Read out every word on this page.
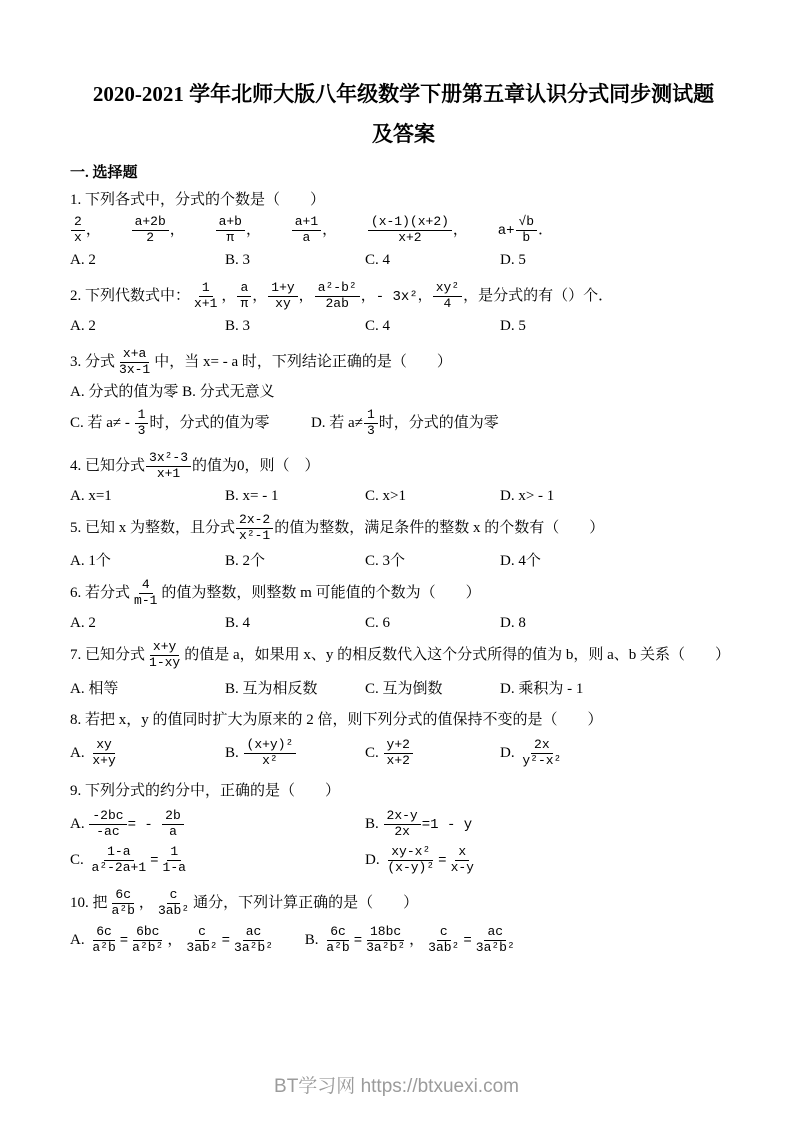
2020-2021 学年北师大版八年级数学下册第五章认识分式同步测试题
及答案
一. 选择题
1. 下列各式中，分式的个数是（　　）
$\frac{2}{x}$ ， $\frac{a+2b}{2}$ ， $\frac{a+b}{\pi}$ ， $\frac{a+1}{a}$ ， $\frac{(x-1)(x+2)}{x+2}$ ， $a+ \frac{√b}{b}$ ．
A. 2	B. 3	C. 4	D. 5
2. 下列代数式中： $\frac{1}{x+1}$ ， $\frac{a}{\pi}$ ， $\frac{1+y}{xy}$ ， $\frac{\text{a²-b²}}{2ab}$ ，- 3x²， $\frac{\text{xy²}}{4}$ ，是分式的有（）个．
A. 2	B. 3	C. 4	D. 5
3. 分式 $\frac{x+a}{3x-1}$ 中，当 x= - a 时，下列结论正确的是（　　）
A. 分式的值为零 B. 分式无意义
C. 若 $a\ne - \frac{1}{3}$ 时，分式的值为零	D. 若 $a\ne \frac{1}{3}$ 时，分式的值为零
4. 已知分式 $\frac{\text{3x²-3}}{x+1}$ 的值为0，则（　）
A. x=1	B. x= - 1	C. x>1	D. x> - 1
5. 已知 x 为整数，且分式 $\frac{2x-2}{\text{x²-1}}$ 的值为整数，满足条件的整数 x 的个数有（　　）
A. 1个	B. 2个	C. 3个	D. 4个
6. 若分式 $\frac{4}{m-1}$ 的值为整数，则整数 m 可能值的个数为（　　）
A. 2	B. 4	C. 6	D. 8
7. 已知分式 $\frac{x+y}{1-xy}$ 的值是 a，如果用 x、y 的相反数代入这个分式所得的值为 b，则 a、b 关系（　　）
A. 相等	B. 互为相反数	C. 互为倒数	D. 乘积为 - 1
8. 若把 x，y 的值同时扩大为原来的 2 倍，则下列分式的值保持不变的是（　　）
A. $\frac{xy}{x+y}$	B. $\frac{\text{(x+y)²}}{\text{x²}}$	C. $\frac{y+2}{x+2}$	D. $\frac{2x}{\text{y²-x²}}$
9. 下列分式的约分中，正确的是（　　）
A. $\frac{-2bc}{-ac}$ = - $\frac{2b}{a}$	B. $\frac{2x-y}{2x} =1 - y$
C. $\frac{1-a}{\text{a²-2a+1}} = \frac{1}{1-a}$	D. $\frac{\text{xy-x²}}{\text{(x-y)²}} = \frac{x}{x-y}$
10. 把 $\frac{6c}{\text{a²b}}$ ， $\frac{c}{\text{3ab²}}$ 通分，下列计算正确的是（　　）
A. $\frac{6c}{\text{a²b}} = \frac{6bc}{\text{a²b²}}$ ， $\frac{c}{\text{3ab²}} = \frac{ac}{\text{3a²b²}} B$. $\frac{6c}{\text{a²b}} = \frac{18bc}{\text{3a²b²}}$ ， $\frac{c}{\text{3ab²}} = \frac{ac}{\text{3a²b²}}$
BT学习网 https://btxuexi.com
